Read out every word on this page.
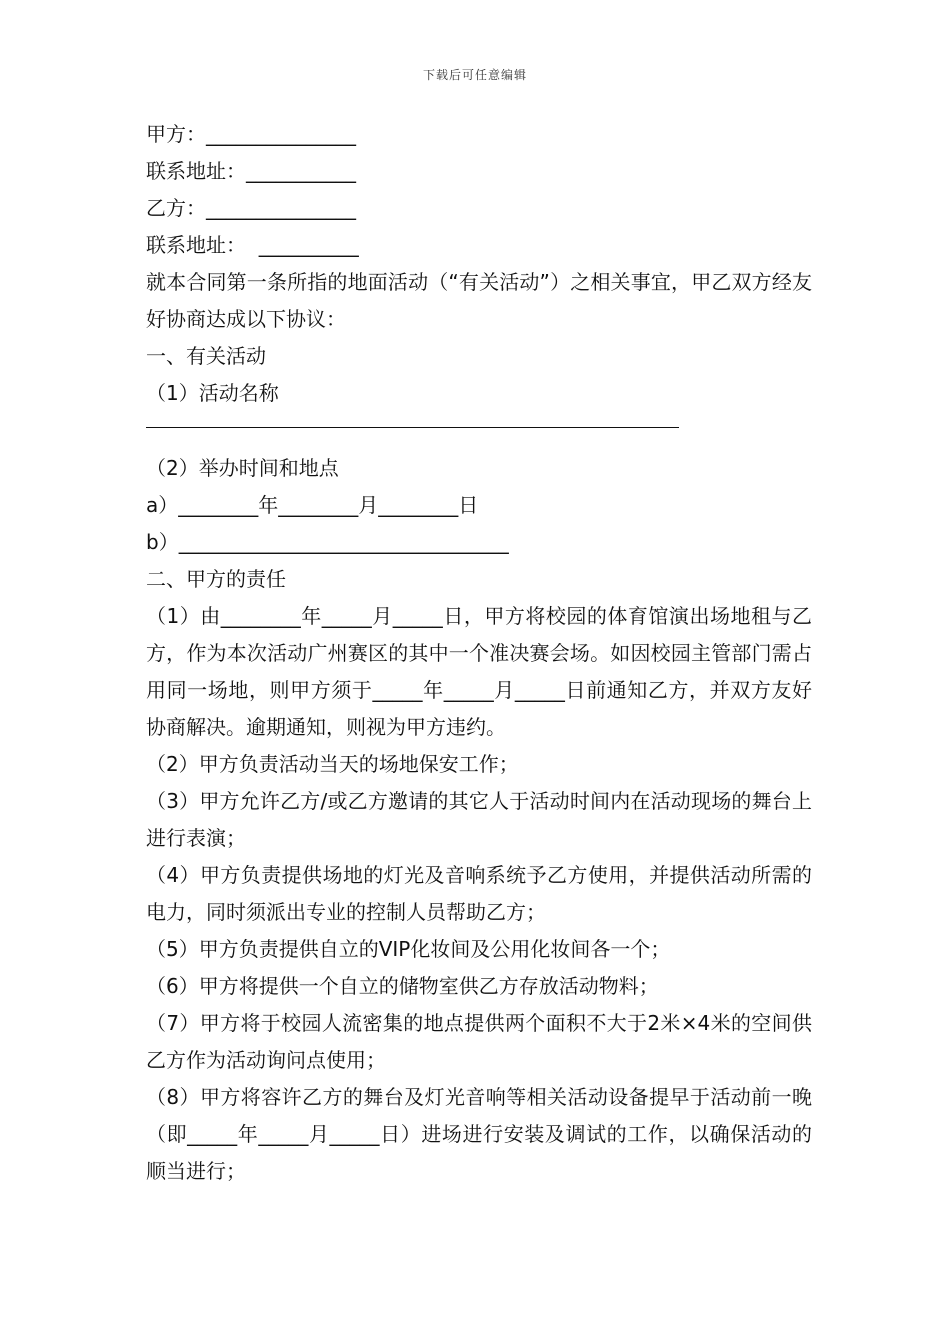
下载后可任意编辑
甲方：_______________
联系地址：___________
乙方：_______________
联系地址：  __________
就本合同第一条所指的地面活动（“有关活动”）之相关事宜，甲乙双方经友好协商达成以下协议：
一、有关活动
（1）活动名称
（2）举办时间和地点
a）________年________月________日
b）_________________________________
二、甲方的责任
（1）由________年_____月_____日，甲方将校园的体育馆演出场地租与乙方，作为本次活动广州赛区的其中一个准决赛会场。如因校园主管部门需占用同一场地，则甲方须于_____年_____月_____日前通知乙方，并双方友好协商解决。逾期通知，则视为甲方违约。
（2）甲方负责活动当天的场地保安工作；
（3）甲方允许乙方/或乙方邀请的其它人于活动时间内在活动现场的舞台上进行表演；
（4）甲方负责提供场地的灯光及音响系统予乙方使用，并提供活动所需的电力，同时须派出专业的控制人员帮助乙方；
（5）甲方负责提供自立的VIP化妆间及公用化妆间各一个；
（6）甲方将提供一个自立的储物室供乙方存放活动物料；
（7）甲方将于校园人流密集的地点提供两个面积不大于2米×4米的空间供乙方作为活动询问点使用；
（8）甲方将容许乙方的舞台及灯光音响等相关活动设备提早于活动前一晚（即_____年_____月_____日）进场进行安装及调试的工作，以确保活动的顺当进行；
